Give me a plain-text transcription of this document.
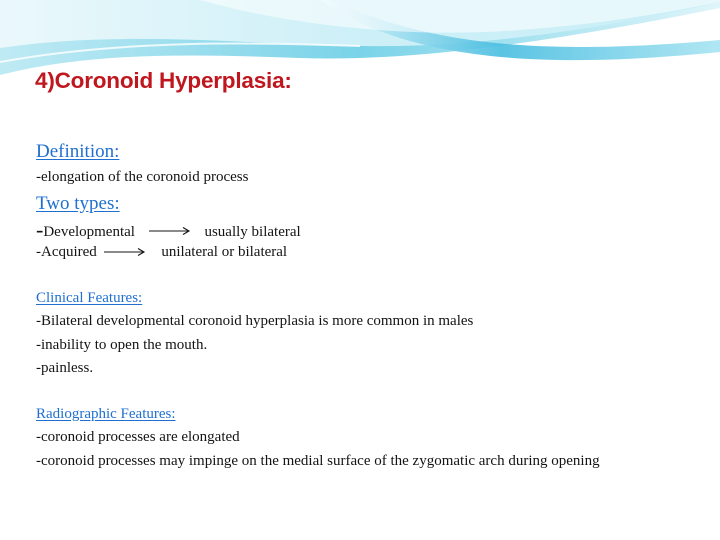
4)Coronoid Hyperplasia:
Definition:
-elongation of the coronoid process
Two types:
-Developmental	usually bilateral
-Acquired	unilateral or bilateral
Clinical Features:
-Bilateral developmental coronoid hyperplasia is more common in males
-inability to open the mouth.
-painless.
Radiographic Features:
-coronoid processes are elongated
-coronoid processes may impinge on the medial surface of the zygomatic arch during opening
